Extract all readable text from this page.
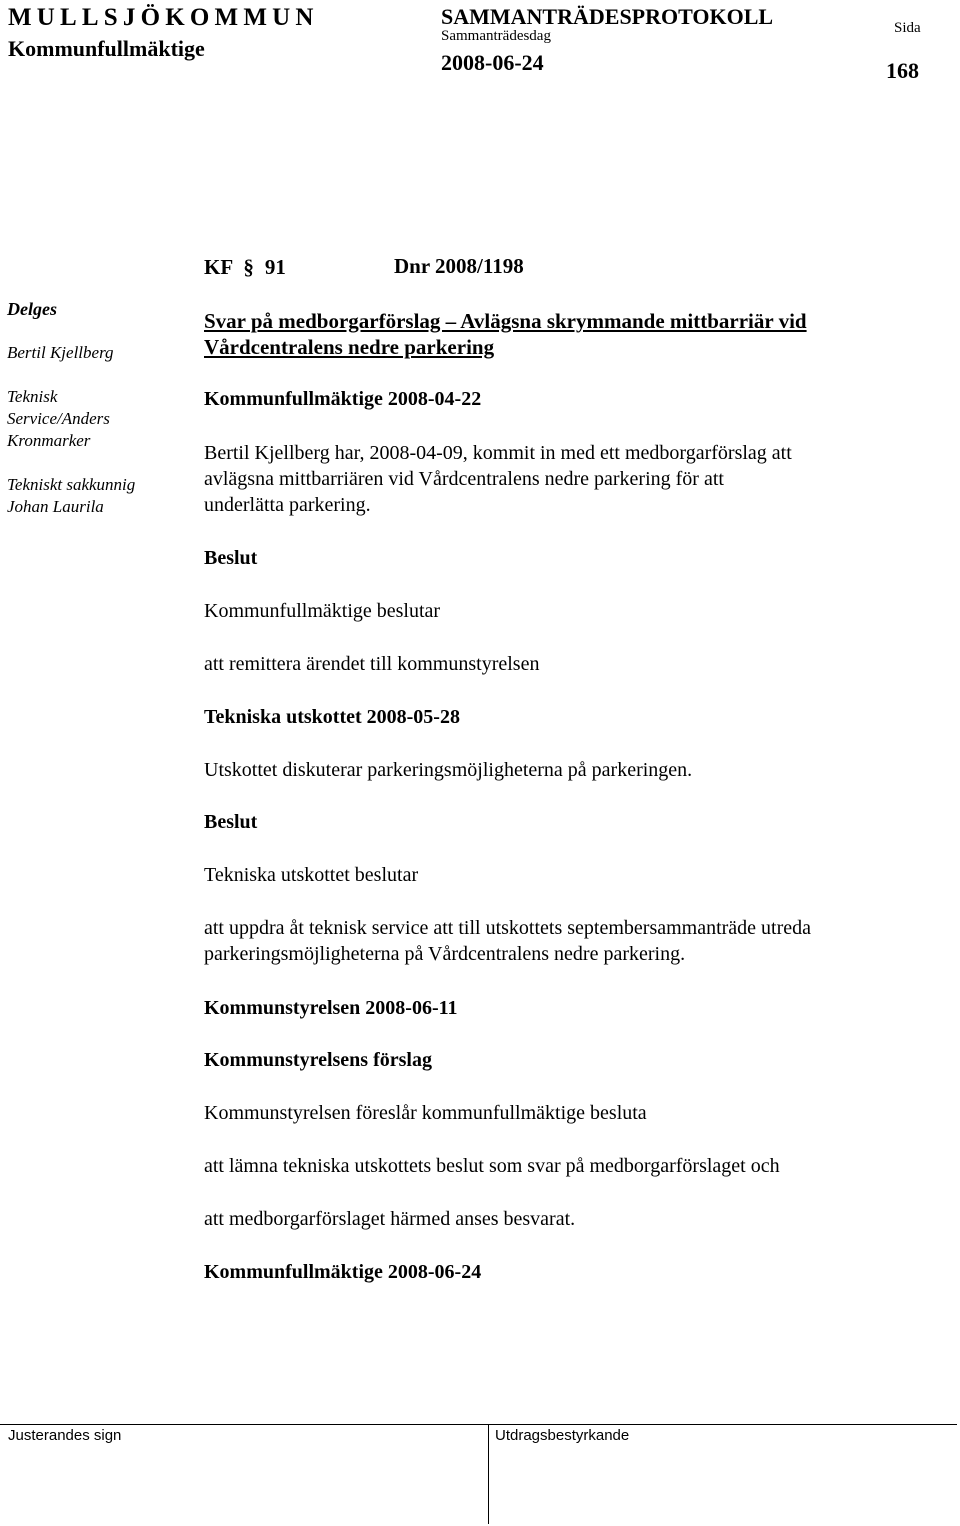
MULLSJÖKOMMUN
Kommunfullmäktige
SAMMANTRÄDESPROTOKOLL
Sammanträdesdag
2008-06-24
Sida
168
KF § 91	Dnr 2008/1198
Svar på medborgarförslag – Avlägsna skrymmande mittbarriär vid
Vårdcentralens nedre parkering
Delges
Bertil Kjellberg
Teknisk
Service/Anders
Kronmarker
Tekniskt sakkunnig
Johan Laurila
Kommunfullmäktige 2008-04-22
Bertil Kjellberg har, 2008-04-09, kommit in med ett medborgarförslag att
avlägsna mittbarriären vid Vårdcentralens nedre parkering för att
underlätta parkering.
Beslut
Kommunfullmäktige beslutar
att remittera ärendet till kommunstyrelsen
Tekniska utskottet 2008-05-28
Utskottet diskuterar parkeringsmöjligheterna på parkeringen.
Beslut
Tekniska utskottet beslutar
att uppdra åt teknisk service att till utskottets septembersammanträde utreda
parkeringsmöjligheterna på Vårdcentralens nedre parkering.
Kommunstyrelsen 2008-06-11
Kommunstyrelsens förslag
Kommunstyrelsen föreslår kommunfullmäktige besluta
att lämna tekniska utskottets beslut som svar på medborgarförslaget och
att medborgarförslaget härmed anses besvarat.
Kommunfullmäktige 2008-06-24
Justerandes sign	Utdragsbestyrkande
